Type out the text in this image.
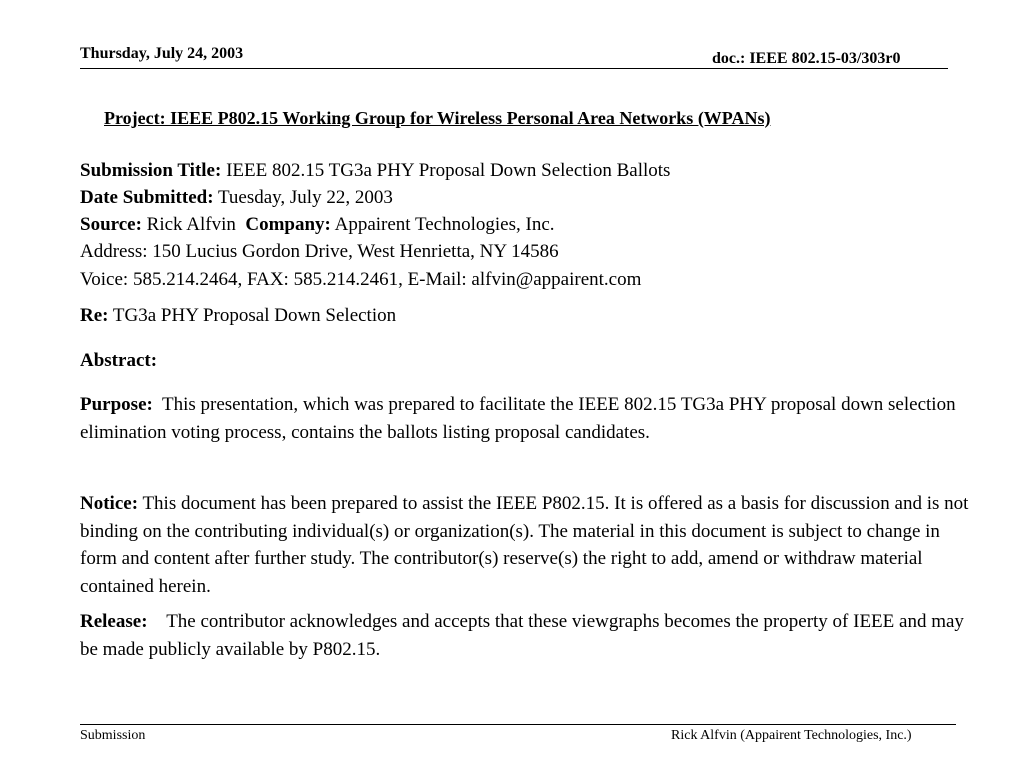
Thursday, July 24, 2003	doc.: IEEE 802.15-03/303r0
Project: IEEE P802.15 Working Group for Wireless Personal Area Networks (WPANs)
Submission Title: IEEE 802.15 TG3a PHY Proposal Down Selection Ballots
Date Submitted: Tuesday, July 22, 2003
Source: Rick Alfvin Company: Appairent Technologies, Inc.
Address: 150 Lucius Gordon Drive, West Henrietta, NY 14586
Voice: 585.214.2464, FAX: 585.214.2461, E-Mail: alfvin@appairent.com
Re: TG3a PHY Proposal Down Selection
Abstract:
Purpose: This presentation, which was prepared to facilitate the IEEE 802.15 TG3a PHY proposal down selection elimination voting process, contains the ballots listing proposal candidates.
Notice: This document has been prepared to assist the IEEE P802.15. It is offered as a basis for discussion and is not binding on the contributing individual(s) or organization(s). The material in this document is subject to change in form and content after further study. The contributor(s) reserve(s) the right to add, amend or withdraw material contained herein.
Release: The contributor acknowledges and accepts that these viewgraphs becomes the property of IEEE and may be made publicly available by P802.15.
Submission	Rick Alfvin (Appairent Technologies, Inc.)
